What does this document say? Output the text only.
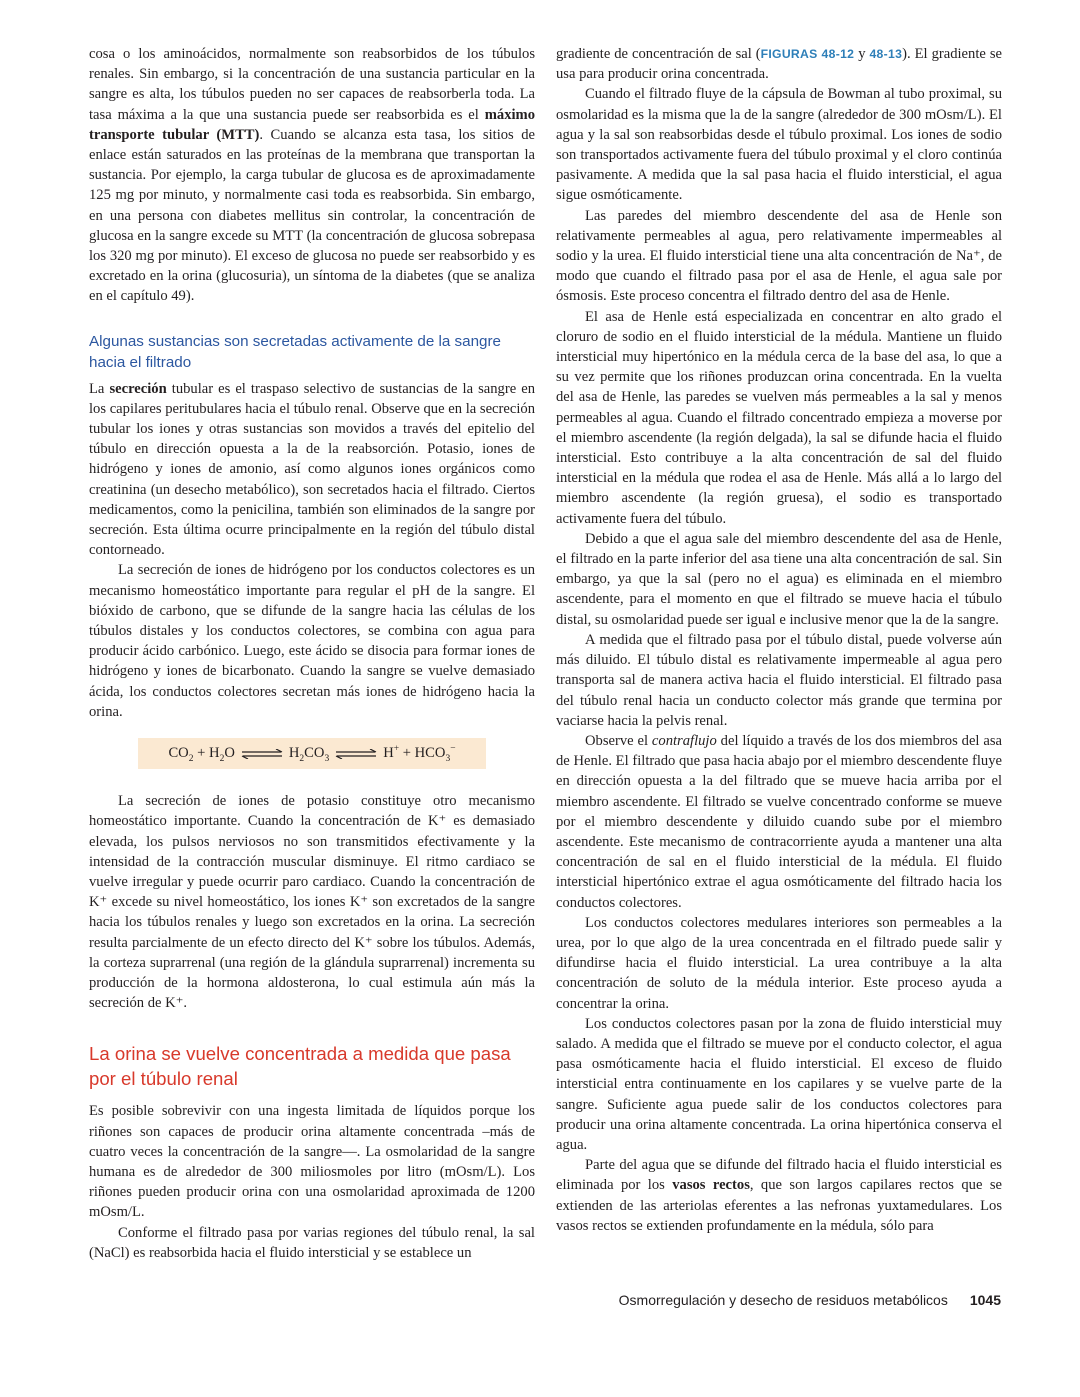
cosa o los aminoácidos, normalmente son reabsorbidos de los túbulos renales. Sin embargo, si la concentración de una sustancia particular en la sangre es alta, los túbulos pueden no ser capaces de reabsorberla toda. La tasa máxima a la que una sustancia puede ser reabsorbida es el máximo transporte tubular (MTT). Cuando se alcanza esta tasa, los sitios de enlace están saturados en las proteínas de la membrana que transportan la sustancia. Por ejemplo, la carga tubular de glucosa es de aproximadamente 125 mg por minuto, y normalmente casi toda es reabsorbida. Sin embargo, en una persona con diabetes mellitus sin controlar, la concentración de glucosa en la sangre excede su MTT (la concentración de glucosa sobrepasa los 320 mg por minuto). El exceso de glucosa no puede ser reabsorbido y es excretado en la orina (glucosuria), un síntoma de la diabetes (que se analiza en el capítulo 49).

Algunas sustancias son secretadas activamente de la sangre hacia el filtrado

La secreción tubular es el traspaso selectivo de sustancias de la sangre en los capilares peritubulares hacia el túbulo renal. Observe que en la secreción tubular los iones y otras sustancias son movidos a través del epitelio del túbulo en dirección opuesta a la de la reabsorción. Potasio, iones de hidrógeno y iones de amonio, así como algunos iones orgánicos como creatinina (un desecho metabólico), son secretados hacia el filtrado. Ciertos medicamentos, como la penicilina, también son eliminados de la sangre por secreción. Esta última ocurre principalmente en la región del túbulo distal contorneado.

La secreción de iones de hidrógeno por los conductos colectores es un mecanismo homeostático importante para regular el pH de la sangre. El bióxido de carbono, que se difunde de la sangre hacia las células de los túbulos distales y los conductos colectores, se combina con agua para producir ácido carbónico. Luego, este ácido se disocia para formar iones de hidrógeno y iones de bicarbonato. Cuando la sangre se vuelve demasiado ácida, los conductos colectores secretan más iones de hidrógeno hacia la orina.

$CO_2 + H_2O$ ⇌ $H_2CO_3$ ⇌ $H^+ + HCO_3^-$

La secreción de iones de potasio constituye otro mecanismo homeostático importante. Cuando la concentración de K⁺ es demasiado elevada, los pulsos nerviosos no son transmitidos efectivamente y la intensidad de la contracción muscular disminuye. El ritmo cardiaco se vuelve irregular y puede ocurrir paro cardiaco. Cuando la concentración de K⁺ excede su nivel homeostático, los iones K⁺ son excretados de la sangre hacia los túbulos renales y luego son excretados en la orina. La secreción resulta parcialmente de un efecto directo del K⁺ sobre los túbulos. Además, la corteza suprarrenal (una región de la glándula suprarrenal) incrementa su producción de la hormona aldosterona, lo cual estimula aún más la secreción de K⁺.

La orina se vuelve concentrada a medida que pasa por el túbulo renal

Es posible sobrevivir con una ingesta limitada de líquidos porque los riñones son capaces de producir orina altamente concentrada –más de cuatro veces la concentración de la sangre—. La osmolaridad de la sangre humana es de alrededor de 300 miliosmoles por litro (mOsm/L). Los riñones pueden producir orina con una osmolaridad aproximada de 1200 mOsm/L.

Conforme el filtrado pasa por varias regiones del túbulo renal, la sal (NaCl) es reabsorbida hacia el fluido intersticial y se establece un

gradiente de concentración de sal (FIGURAS 48-12 y 48-13). El gradiente se usa para producir orina concentrada.

Cuando el filtrado fluye de la cápsula de Bowman al tubo proximal, su osmolaridad es la misma que la de la sangre (alrededor de 300 mOsm/L). El agua y la sal son reabsorbidas desde el túbulo proximal. Los iones de sodio son transportados activamente fuera del túbulo proximal y el cloro continúa pasivamente. A medida que la sal pasa hacia el fluido intersticial, el agua sigue osmóticamente.

Las paredes del miembro descendente del asa de Henle son relativamente permeables al agua, pero relativamente impermeables al sodio y la urea. El fluido intersticial tiene una alta concentración de Na⁺, de modo que cuando el filtrado pasa por el asa de Henle, el agua sale por ósmosis. Este proceso concentra el filtrado dentro del asa de Henle.

El asa de Henle está especializada en concentrar en alto grado el cloruro de sodio en el fluido intersticial de la médula. Mantiene un fluido intersticial muy hipertónico en la médula cerca de la base del asa, lo que a su vez permite que los riñones produzcan orina concentrada. En la vuelta del asa de Henle, las paredes se vuelven más permeables a la sal y menos permeables al agua. Cuando el filtrado concentrado empieza a moverse por el miembro ascendente (la región delgada), la sal se difunde hacia el fluido intersticial. Esto contribuye a la alta concentración de sal del fluido intersticial en la médula que rodea el asa de Henle. Más allá a lo largo del miembro ascendente (la región gruesa), el sodio es transportado activamente fuera del túbulo.

Debido a que el agua sale del miembro descendente del asa de Henle, el filtrado en la parte inferior del asa tiene una alta concentración de sal. Sin embargo, ya que la sal (pero no el agua) es eliminada en el miembro ascendente, para el momento en que el filtrado se mueve hacia el túbulo distal, su osmolaridad puede ser igual e inclusive menor que la de la sangre.

A medida que el filtrado pasa por el túbulo distal, puede volverse aún más diluido. El túbulo distal es relativamente impermeable al agua pero transporta sal de manera activa hacia el fluido intersticial. El filtrado pasa del túbulo renal hacia un conducto colector más grande que termina por vaciarse hacia la pelvis renal.

Observe el contraflujo del líquido a través de los dos miembros del asa de Henle. El filtrado que pasa hacia abajo por el miembro descendente fluye en dirección opuesta a la del filtrado que se mueve hacia arriba por el miembro ascendente. El filtrado se vuelve concentrado conforme se mueve por el miembro descendente y diluido cuando sube por el miembro ascendente. Este mecanismo de contracorriente ayuda a mantener una alta concentración de sal en el fluido intersticial de la médula. El fluido intersticial hipertónico extrae el agua osmóticamente del filtrado hacia los conductos colectores.

Los conductos colectores medulares interiores son permeables a la urea, por lo que algo de la urea concentrada en el filtrado puede salir y difundirse hacia el fluido intersticial. La urea contribuye a la alta concentración de soluto de la médula interior. Este proceso ayuda a concentrar la orina.

Los conductos colectores pasan por la zona de fluido intersticial muy salado. A medida que el filtrado se mueve por el conducto colector, el agua pasa osmóticamente hacia el fluido intersticial. El exceso de fluido intersticial entra continuamente en los capilares y se vuelve parte de la sangre. Suficiente agua puede salir de los conductos colectores para producir una orina altamente concentrada. La orina hipertónica conserva el agua.

Parte del agua que se difunde del filtrado hacia el fluido intersticial es eliminada por los vasos rectos, que son largos capilares rectos que se extienden de las arteriolas eferentes a las nefronas yuxtamedulares. Los vasos rectos se extienden profundamente en la médula, sólo para

Osmorregulación y desecho de residuos metabólicos 1045
